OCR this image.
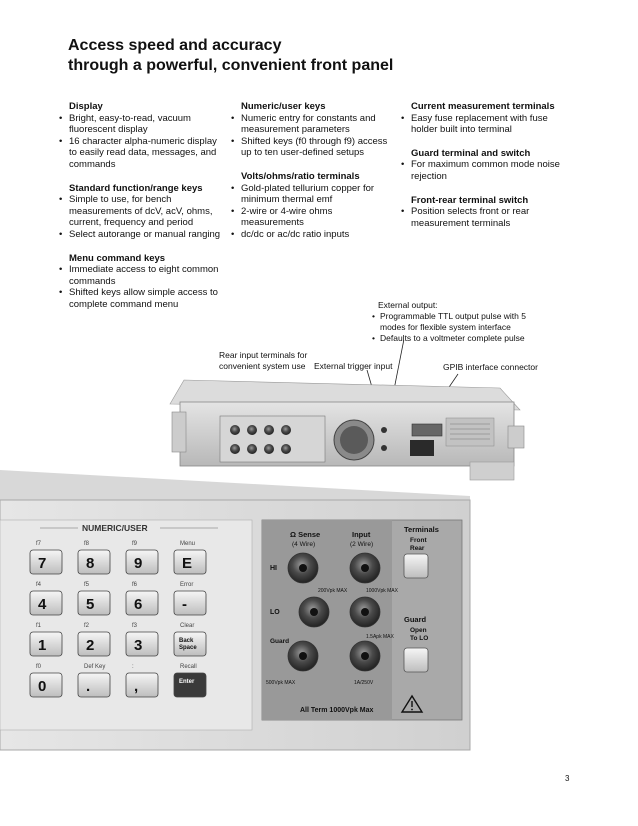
Access speed and accuracy
through a powerful, convenient front panel
Display
• Bright, easy-to-read, vacuum fluorescent display
• 16 character alpha-numeric display to easily read data, messages, and commands
Standard function/range keys
• Simple to use, for bench measurements of dcV, acV, ohms, current, frequency and period
• Select autorange or manual ranging
Menu command keys
• Immediate access to eight common commands
• Shifted keys allow simple access to complete command menu
Numeric/user keys
• Numeric entry for constants and measurement parameters
• Shifted keys (f0 through f9) access up to ten user-defined setups
Volts/ohms/ratio terminals
• Gold-plated tellurium copper for minimum thermal emf
• 2-wire or 4-wire ohms measurements
• dc/dc or ac/dc ratio inputs
Current measurement terminals
• Easy fuse replacement with fuse holder built into terminal
Guard terminal and switch
• For maximum common mode noise rejection
Front-rear terminal switch
• Position selects front or rear measurement terminals
External output:
• Programmable TTL output pulse with 5 modes for flexible system interface
• Defaults to a voltmeter complete pulse
Rear input terminals for convenient system use	External trigger input	GPIB interface connector
NUMERIC/USER
f7
7
f8
8
f9
9
Menu
E
f4
4
f5
5
f6
6
Error
-
f1
1
f2
2
f3
3
Clear
Back Space
f0
0
Def Key
.
:
,
Recall
Enter
Ω Sense
(4 Wire)
Input
(2 Wire)
HI
LO
Guard
200Vpk MAX	1000Vpk MAX
1.5Apk MAX
500Vpk MAX	1A/250V
All Term 1000Vpk Max
Terminals
Front
Rear
Guard
Open
To LO
3
